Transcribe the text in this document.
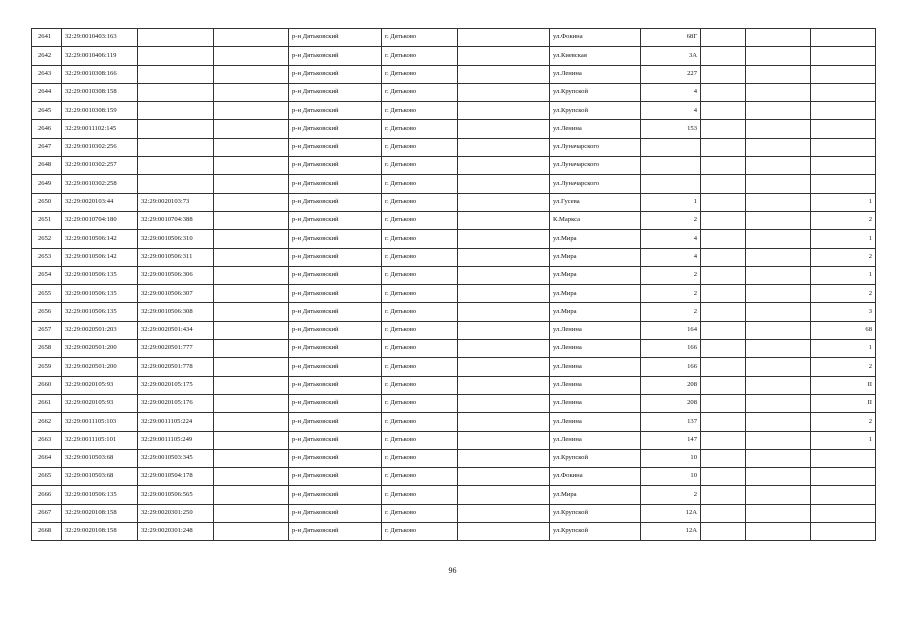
2641	32:29:0010403:163			р-н Дятьковский	г. Дятьково		ул.Фокина	68Г			
2642	32:29:0010406:119			р-н Дятьковский	г. Дятьково		ул.Киевская	3А			
2643	32:29:0010308:166			р-н Дятьковский	г. Дятьково		ул.Ленина	227			
2644	32:29:0010308:158			р-н Дятьковский	г. Дятьково		ул.Крупской	4			
2645	32:29:0010308:159			р-н Дятьковский	г. Дятьково		ул.Крупской	4			
2646	32:29:0011102:145			р-н Дятьковский	г. Дятьково		ул.Ленина	153			
2647	32:29:0010302:256			р-н Дятьковский	г. Дятьково		ул.Луначарского				
2648	32:29:0010302:257			р-н Дятьковский	г. Дятьково		ул.Луначарского				
2649	32:29:0010302:258			р-н Дятьковский	г. Дятьково		ул.Луначарского				
2650	32:29:0020103:44	32:29:0020103:73		р-н Дятьковский	г. Дятьково		ул.Гусева	1			1
2651	32:29:0010704:180	32:29:0010704:388		р-н Дятьковский	г. Дятьково		К.Маркса	2			2
2652	32:29:0010506:142	32:29:0010506:310		р-н Дятьковский	г. Дятьково		ул.Мира	4			1
2653	32:29:0010506:142	32:29:0010506:311		р-н Дятьковский	г. Дятьково		ул.Мира	4			2
2654	32:29:0010506:135	32:29:0010506:306		р-н Дятьковский	г. Дятьково		ул.Мира	2			1
2655	32:29:0010506:135	32:29:0010506:307		р-н Дятьковский	г. Дятьково		ул.Мира	2			2
2656	32:29:0010506:135	32:29:0010506:308		р-н Дятьковский	г. Дятьково		ул.Мира	2			3
2657	32:29:0020501:203	32:29:0020501:434		р-н Дятьковский	г. Дятьково		ул.Ленина	164			68
2658	32:29:0020501:200	32:29:0020501:777		р-н Дятьковский	г. Дятьково		ул.Ленина	166			1
2659	32:29:0020501:200	32:29:0020501:778		р-н Дятьковский	г. Дятьково		ул.Ленина	166			2
2660	32:29:0020105:93	32:29:0020105:175		р-н Дятьковский	г. Дятьково		ул.Ленина	208			II
2661	32:29:0020105:93	32:29:0020105:176		р-н Дятьковский	г. Дятьково		ул.Ленина	208			II
2662	32:29:0011105:103	32:29:0011105:224		р-н Дятьковский	г. Дятьково		ул.Ленина	137			2
2663	32:29:0011105:101	32:29:0011105:249		р-н Дятьковский	г. Дятьково		ул.Ленина	147			1
2664	32:29:0010503:68	32:29:0010503:345		р-н Дятьковский	г. Дятьково		ул.Крупской	10			
2665	32:29:0010503:68	32:29:0010504:178		р-н Дятьковский	г. Дятьково		ул.Фокина	10			
2666	32:29:0010506:135	32:29:0010506:565		р-н Дятьковский	г. Дятьково		ул.Мира	2			
2667	32:29:0020108:158	32:29:0020301:250		р-н Дятьковский	г. Дятьково		ул.Крупской	12А			
2668	32:29:0020108:158	32:29:0020301:248		р-н Дятьковский	г. Дятьково		ул.Крупской	12А			
96
